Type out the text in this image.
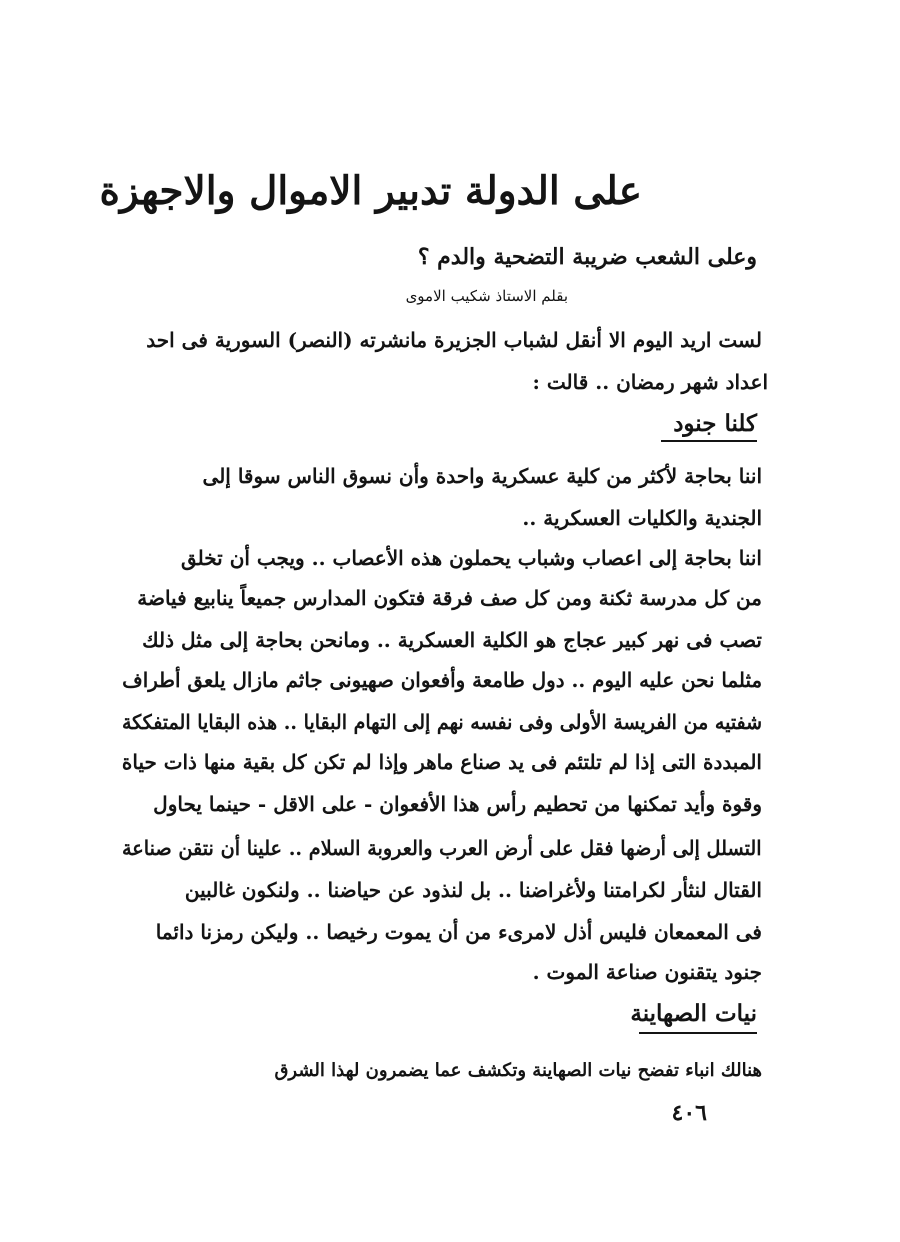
على الدولة تدبير الاموال والاجهزة
وعلى الشعب ضريبة التضحية والدم ؟
بقلم الاستاذ شكيب الاموى
لست اريد اليوم الا أنقل لشباب الجزيرة مانشرته (النصر) السورية فى احد
اعداد شهر رمضان .. قالت :
كلنا جنود
اننا بحاجة لأكثر من كلية عسكرية واحدة وأن نسوق الناس سوقا إلى
الجندية والكليات العسكرية ..
اننا بحاجة إلى اعصاب وشباب يحملون هذه الأعصاب .. ويجب أن تخلق
من كل مدرسة ثكنة ومن كل صف فرقة فتكون المدارس جميعاً ينابيع فياضة
تصب فى نهر كبير عجاج هو الكلية العسكرية .. ومانحن بحاجة إلى مثل ذلك
مثلما نحن عليه اليوم .. دول طامعة وأفعوان صهيونى جاثم مازال يلعق أطراف
شفتيه من الفريسة الأولى وفى نفسه نهم إلى التهام البقايا .. هذه البقايا المتفككة
المبددة التى إذا لم تلتئم فى يد صناع ماهر وإذا لم تكن كل بقية منها ذات حياة
وقوة وأيد تمكنها من تحطيم رأس هذا الأفعوان - على الاقل - حينما يحاول
التسلل إلى أرضها فقل على أرض العرب والعروبة السلام .. علينا أن نتقن صناعة
القتال لنثأر لكرامتنا ولأغراضنا .. بل لنذود عن حياضنا .. ولنكون غالبين
فى المعمعان فليس أذل لامرىء من أن يموت رخيصا .. وليكن رمزنا دائما
جنود يتقنون صناعة الموت .
نيات الصهاينة
هنالك انباء تفضح نيات الصهاينة وتكشف عما يضمرون لهذا الشرق
٤٠٦
